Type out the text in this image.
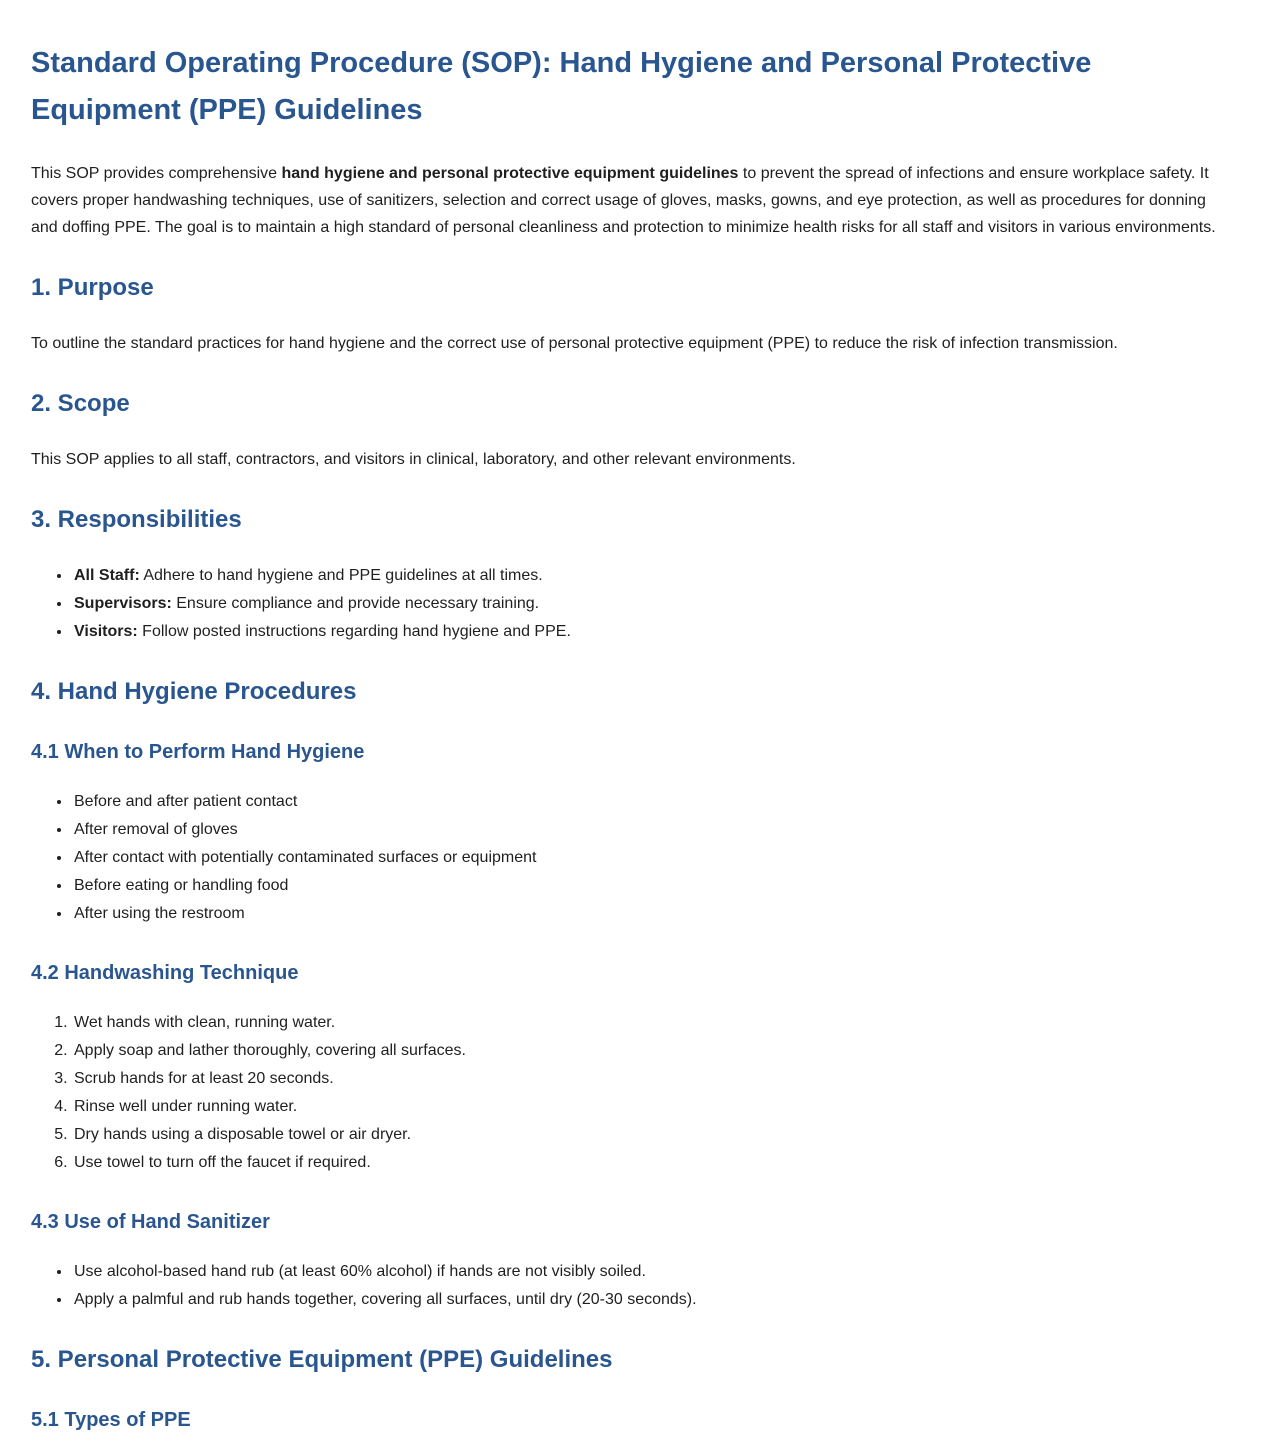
Standard Operating Procedure (SOP): Hand Hygiene and Personal Protective Equipment (PPE) Guidelines

This SOP provides comprehensive hand hygiene and personal protective equipment guidelines to prevent the spread of infections and ensure workplace safety. It covers proper handwashing techniques, use of sanitizers, selection and correct usage of gloves, masks, gowns, and eye protection, as well as procedures for donning and doffing PPE. The goal is to maintain a high standard of personal cleanliness and protection to minimize health risks for all staff and visitors in various environments.

1. Purpose

To outline the standard practices for hand hygiene and the correct use of personal protective equipment (PPE) to reduce the risk of infection transmission.

2. Scope

This SOP applies to all staff, contractors, and visitors in clinical, laboratory, and other relevant environments.

3. Responsibilities
• All Staff: Adhere to hand hygiene and PPE guidelines at all times.
• Supervisors: Ensure compliance and provide necessary training.
• Visitors: Follow posted instructions regarding hand hygiene and PPE.
4. Hand Hygiene Procedures
4.1 When to Perform Hand Hygiene
• Before and after patient contact
• After removal of gloves
• After contact with potentially contaminated surfaces or equipment
• Before eating or handling food
• After using the restroom
4.2 Handwashing Technique
1. Wet hands with clean, running water.
2. Apply soap and lather thoroughly, covering all surfaces.
3. Scrub hands for at least 20 seconds.
4. Rinse well under running water.
5. Dry hands using a disposable towel or air dryer.
6. Use towel to turn off the faucet if required.
4.3 Use of Hand Sanitizer
• Use alcohol-based hand rub (at least 60% alcohol) if hands are not visibly soiled.
• Apply a palmful and rub hands together, covering all surfaces, until dry (20-30 seconds).
5. Personal Protective Equipment (PPE) Guidelines
5.1 Types of PPE
